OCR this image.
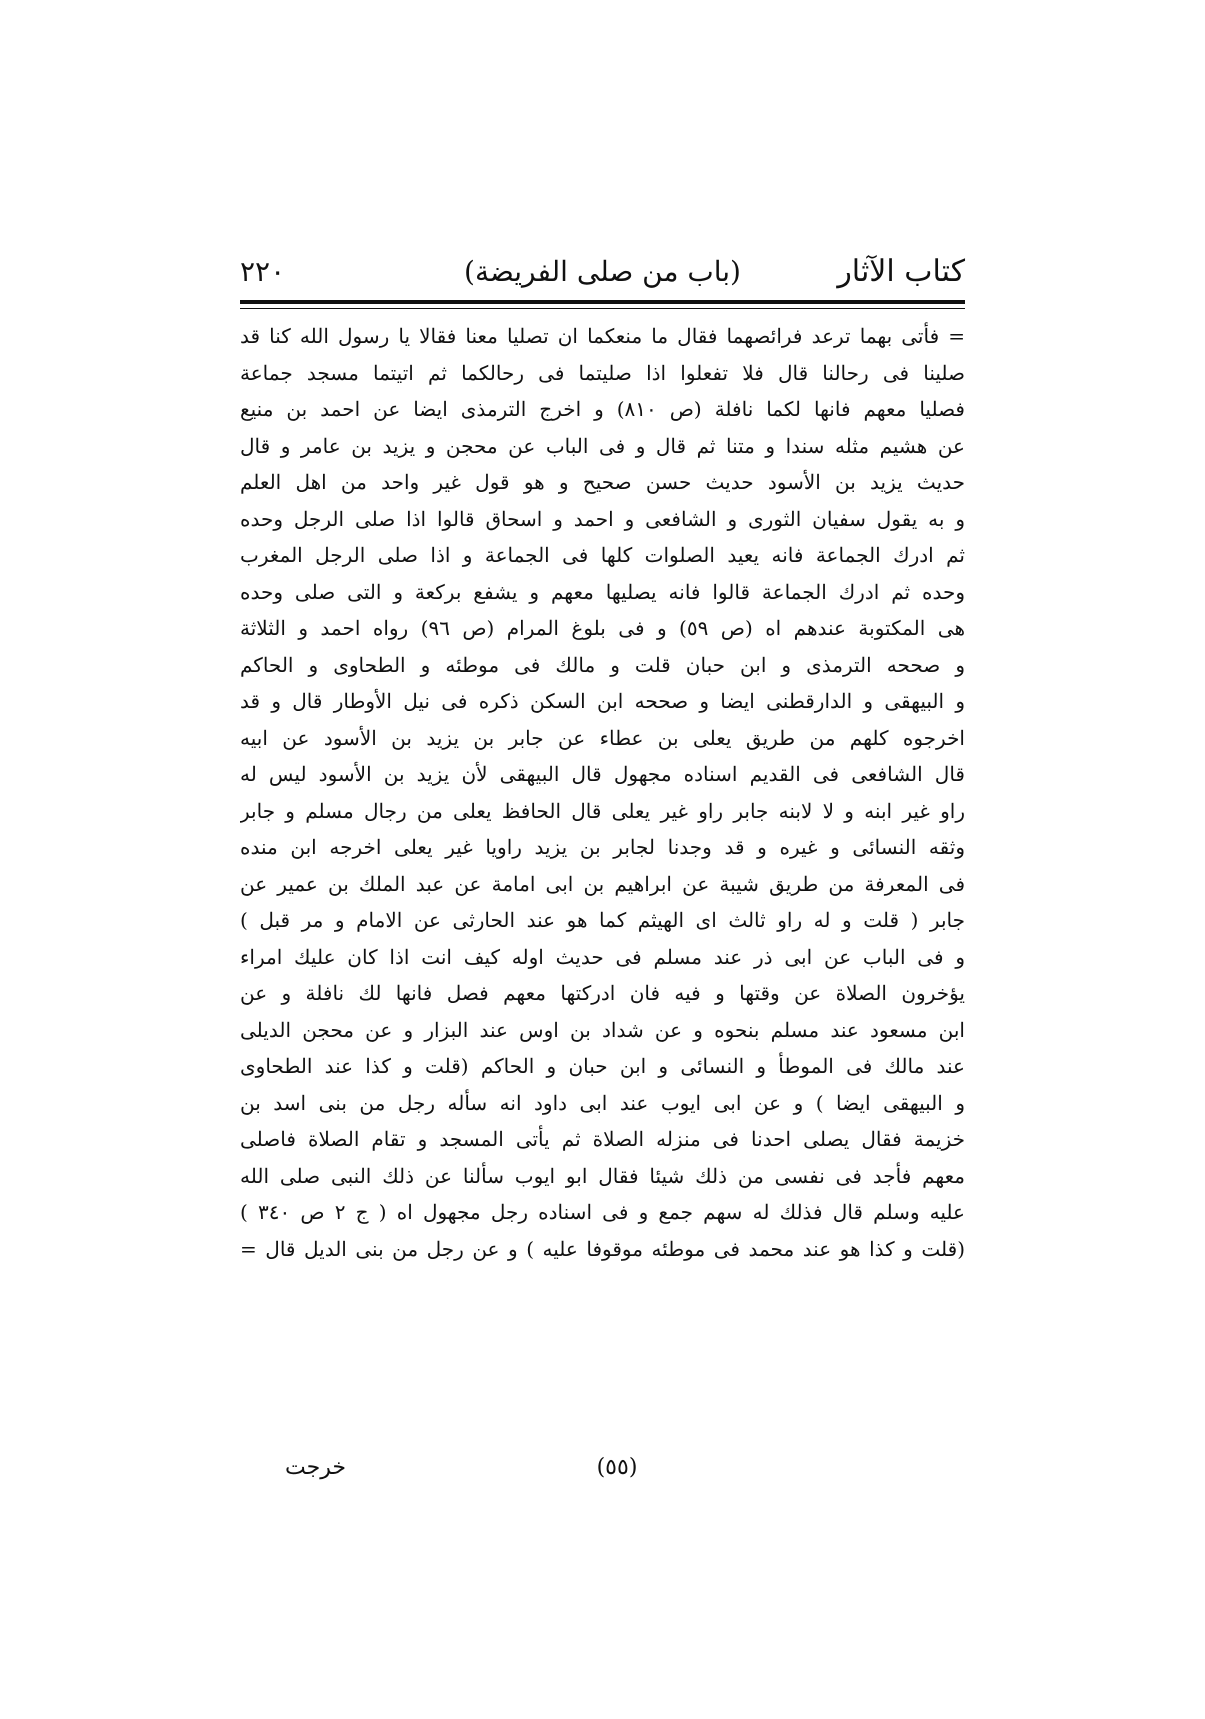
كتاب الآثار
(باب من صلى الفريضة)
٢٢٠
= فأتى بهما ترعد فرائصهما فقال ما منعكما ان تصليا معنا فقالا يا رسول الله كنا قد
صلينا فى رحالنا قال فلا تفعلوا اذا صليتما فى رحالكما ثم اتيتما مسجد جماعة
فصليا معهم فانها لكما نافلة (ص ٨١٠) و اخرج الترمذى ايضا عن احمد بن منيع
عن هشيم مثله سندا و متنا ثم قال و فى الباب عن محجن و يزيد بن عامر و قال
حديث يزيد بن الأسود حديث حسن صحيح و هو قول غير واحد من اهل العلم
و به يقول سفيان الثورى و الشافعى و احمد و اسحاق قالوا اذا صلى الرجل وحده
ثم ادرك الجماعة فانه يعيد الصلوات كلها فى الجماعة و اذا صلى الرجل المغرب
وحده ثم ادرك الجماعة قالوا فانه يصليها معهم و يشفع بركعة و التى صلى وحده
هى المكتوبة عندهم اه (ص ٥٩) و فى بلوغ المرام (ص ٩٦) رواه احمد و الثلاثة
و صححه الترمذى و ابن حبان قلت و مالك فى موطئه و الطحاوى و الحاكم
و البيهقى و الدارقطنى ايضا و صححه ابن السكن ذكره فى نيل الأوطار قال و قد
اخرجوه كلهم من طريق يعلى بن عطاء عن جابر بن يزيد بن الأسود عن ابيه
قال الشافعى فى القديم اسناده مجهول قال البيهقى لأن يزيد بن الأسود ليس له
راو غير ابنه و لا لابنه جابر راو غير يعلى قال الحافظ يعلى من رجال مسلم و جابر
وثقه النسائى و غيره و قد وجدنا لجابر بن يزيد راويا غير يعلى اخرجه ابن منده
فى المعرفة من طريق شيبة عن ابراهيم بن ابى امامة عن عبد الملك بن عمير عن
جابر ( قلت و له راو ثالث اى الهيثم كما هو عند الحارثى عن الامام و مر قبل )
و فى الباب عن ابى ذر عند مسلم فى حديث اوله كيف انت اذا كان عليك امراء
يؤخرون الصلاة عن وقتها و فيه فان ادركتها معهم فصل فانها لك نافلة و عن
ابن مسعود عند مسلم بنحوه و عن شداد بن اوس عند البزار و عن محجن الديلى
عند مالك فى الموطأ و النسائى و ابن حبان و الحاكم (قلت و كذا عند الطحاوى
و البيهقى ايضا ) و عن ابى ايوب عند ابى داود انه سأله رجل من بنى اسد بن
خزيمة فقال يصلى احدنا فى منزله الصلاة ثم يأتى المسجد و تقام الصلاة فاصلى
معهم فأجد فى نفسى من ذلك شيئا فقال ابو ايوب سألنا عن ذلك النبى صلى الله
عليه وسلم قال فذلك له سهم جمع و فى اسناده رجل مجهول اه ( ج ٢ ص ٣٤٠ )
(قلت و كذا هو عند محمد فى موطئه موقوفا عليه ) و عن رجل من بنى الديل قال =
(٥٥)
خرجت
